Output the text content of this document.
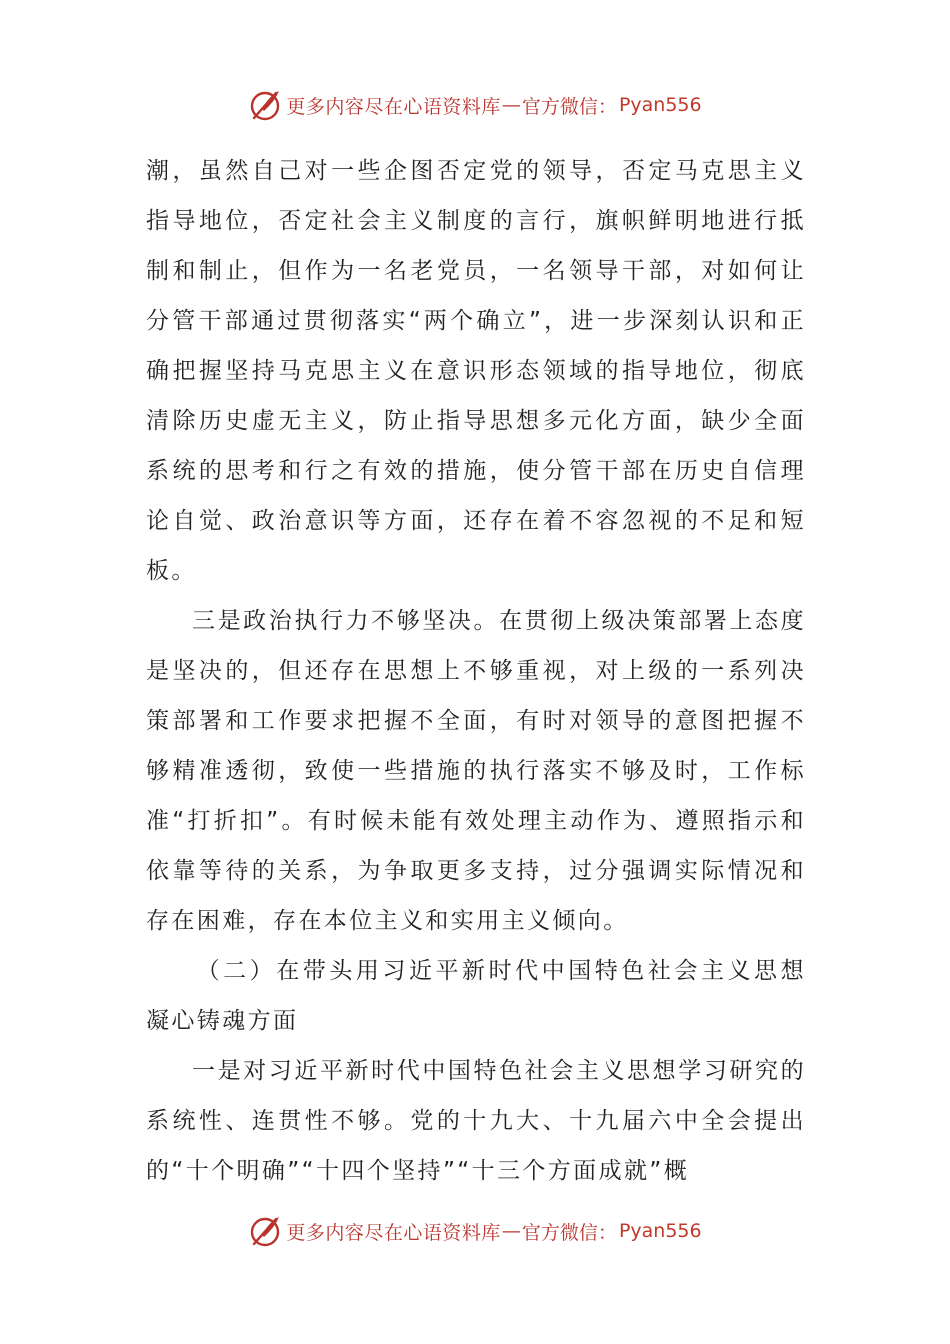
更多内容尽在心语资料库 — 官方微信： Pyan556

潮，虽然自己对一些企图否定党的领导，否定马克思主义指导地位，否定社会主义制度的言行，旗帜鲜明地进行抵制和制止，但作为一名老党员，一名领导干部，对如何让分管干部通过贯彻落实“两个确立”，进一步深刻认识和正确把握坚持马克思主义在意识形态领域的指导地位，彻底清除历史虚无主义，防止指导思想多元化方面，缺少全面系统的思考和行之有效的措施，使分管干部在历史自信理论自觉、政治意识等方面，还存在着不容忽视的不足和短板。

三是政治执行力不够坚决。在贯彻上级决策部署上态度是坚决的，但还存在思想上不够重视，对上级的一系列决策部署和工作要求把握不全面，有时对领导的意图把握不够精准透彻，致使一些措施的执行落实不够及时，工作标准“打折扣”。有时候未能有效处理主动作为、遵照指示和依靠等待的关系，为争取更多支持，过分强调实际情况和存在困难，存在本位主义和实用主义倾向。

（二）在带头用习近平新时代中国特色社会主义思想凝心铸魂方面

一是对习近平新时代中国特色社会主义思想学习研究的系统性、连贯性不够。党的十九大、十九届六中全会提出的“十个明确”“十四个坚持”“十三个方面成就”概

更多内容尽在心语资料库 — 官方微信： Pyan556
